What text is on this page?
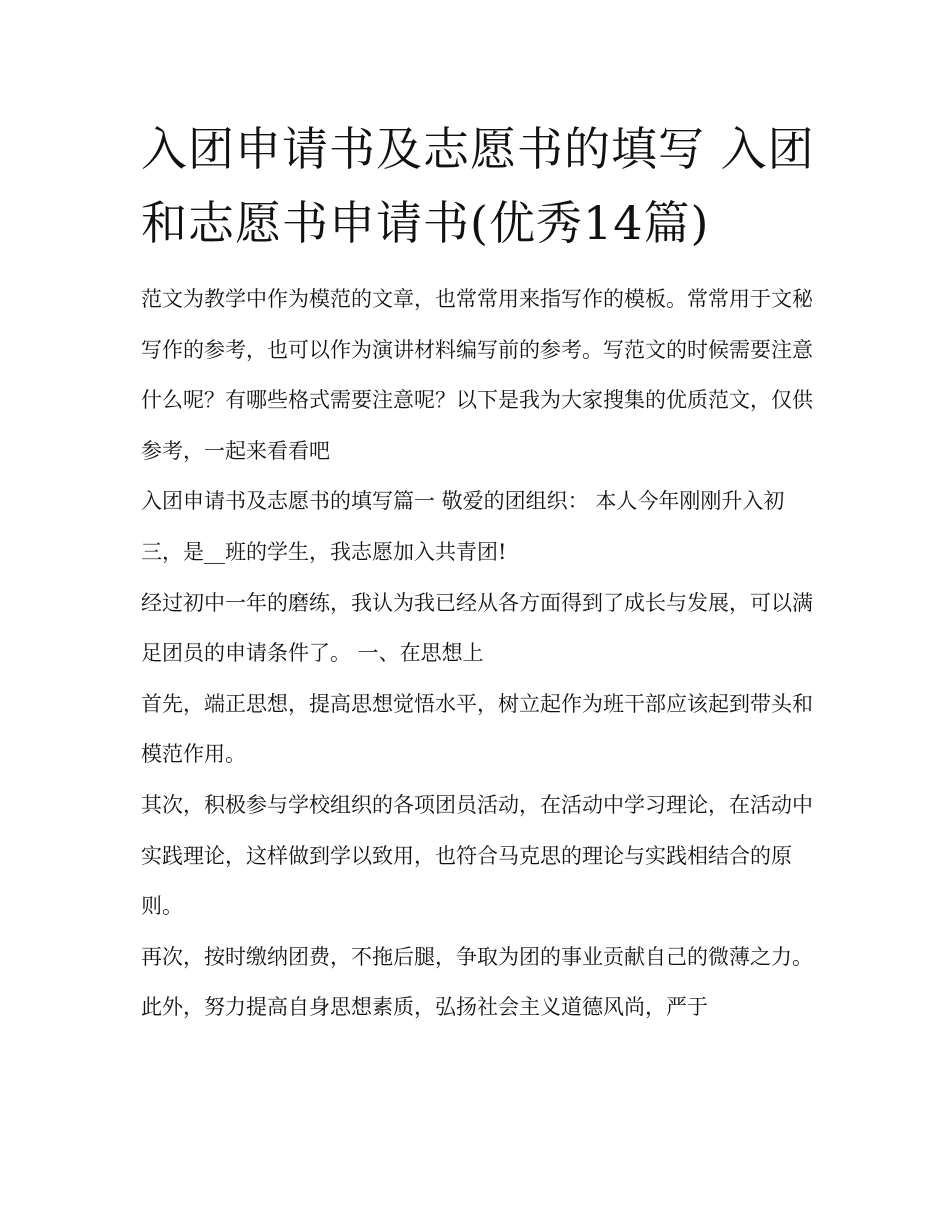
入团申请书及志愿书的填写 入团和志愿书申请书(优秀14篇)

范文为教学中作为模范的文章，也常常用来指写作的模板。常常用于文秘写作的参考，也可以作为演讲材料编写前的参考。写范文的时候需要注意什么呢？有哪些格式需要注意呢？以下是我为大家搜集的优质范文，仅供参考，一起来看看吧

入团申请书及志愿书的填写篇一 敬爱的团组织： 本人今年刚刚升入初三，是__班的学生，我志愿加入共青团!

经过初中一年的磨练，我认为我已经从各方面得到了成长与发展，可以满足团员的申请条件了。 一、在思想上

首先，端正思想，提高思想觉悟水平，树立起作为班干部应该起到带头和模范作用。

其次，积极参与学校组织的各项团员活动，在活动中学习理论，在活动中实践理论，这样做到学以致用，也符合马克思的理论与实践相结合的原则。

再次，按时缴纳团费，不拖后腿，争取为团的事业贡献自己的微薄之力。

此外，努力提高自身思想素质，弘扬社会主义道德风尚，严于
